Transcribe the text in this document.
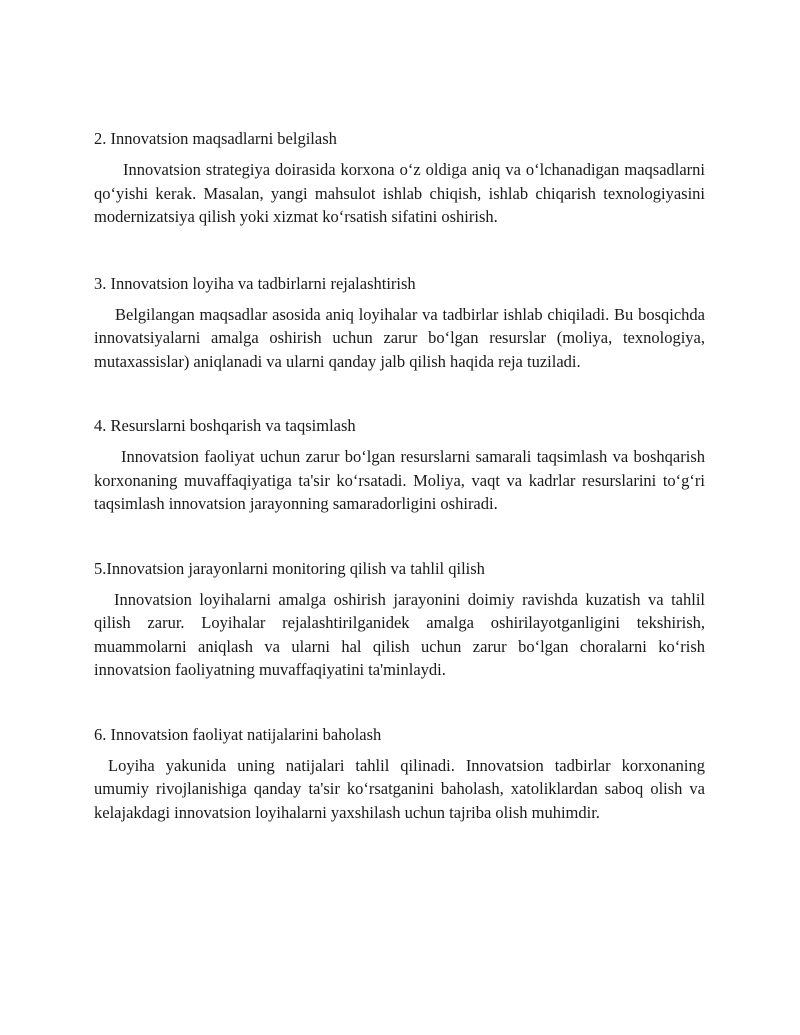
2. Innovatsion maqsadlarni belgilash

Innovatsion strategiya doirasida korxona o‘z oldiga aniq va o‘lchanadigan maqsadlarni qo‘yishi kerak. Masalan, yangi mahsulot ishlab chiqish, ishlab chiqarish texnologiyasini modernizatsiya qilish yoki xizmat ko‘rsatish sifatini oshirish.

3. Innovatsion loyiha va tadbirlarni rejalashtirish

Belgilangan maqsadlar asosida aniq loyihalar va tadbirlar ishlab chiqiladi. Bu bosqichda innovatsiyalarni amalga oshirish uchun zarur bo‘lgan resurslar (moliya, texnologiya, mutaxassislar) aniqlanadi va ularni qanday jalb qilish haqida reja tuziladi.

4. Resurslarni boshqarish va taqsimlash

Innovatsion faoliyat uchun zarur bo‘lgan resurslarni samarali taqsimlash va boshqarish korxonaning muvaffaqiyatiga ta'sir ko‘rsatadi. Moliya, vaqt va kadrlar resurslarini to‘g‘ri taqsimlash innovatsion jarayonning samaradorligini oshiradi.

5.Innovatsion jarayonlarni monitoring qilish va tahlil qilish

Innovatsion loyihalarni amalga oshirish jarayonini doimiy ravishda kuzatish va tahlil qilish zarur. Loyihalar rejalashtirilganidek amalga oshirilayotganligini tekshirish, muammolarni aniqlash va ularni hal qilish uchun zarur bo‘lgan choralarni ko‘rish innovatsion faoliyatning muvaffaqiyatini ta'minlaydi.

6. Innovatsion faoliyat natijalarini baholash

Loyiha yakunida uning natijalari tahlil qilinadi. Innovatsion tadbirlar korxonaning umumiy rivojlanishiga qanday ta'sir ko‘rsatganini baholash, xatoliklardan saboq olish va kelajakdagi innovatsion loyihalarni yaxshilash uchun tajriba olish muhimdir.
